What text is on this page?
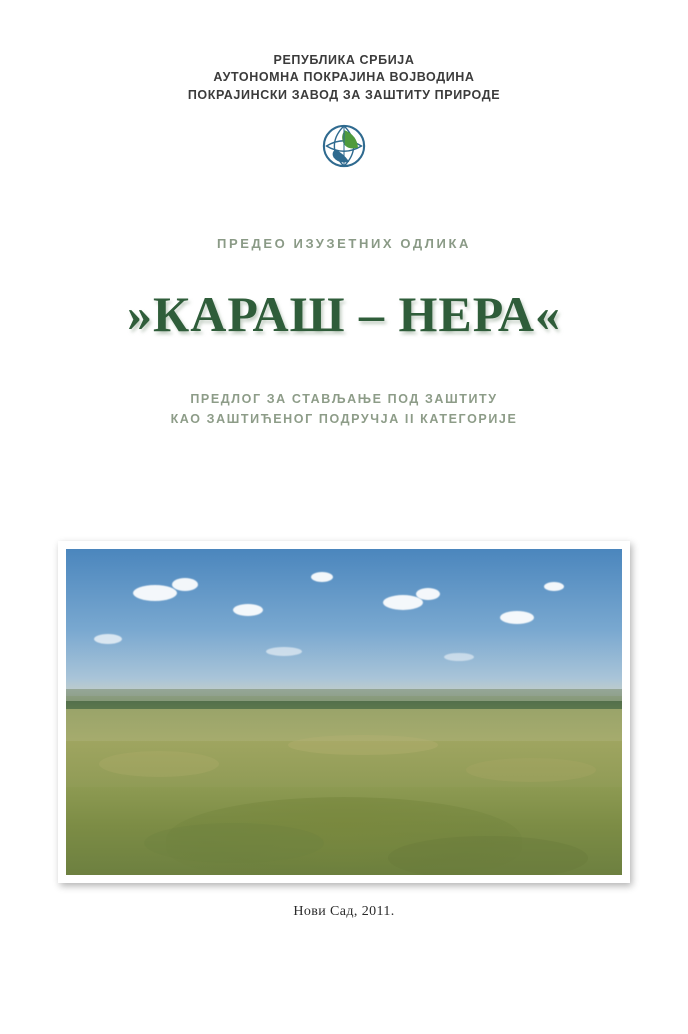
РЕПУБЛИКА СРБИЈА
АУТОНОМНА ПОКРАЈИНА ВОЈВОДИНА
ПОКРАЈИНСКИ ЗАВОД ЗА ЗАШТИТУ ПРИРОДЕ
ПРЕДЕО ИЗУЗЕТНИХ ОДЛИКА
»КАРАШ – НЕРА«
ПРЕДЛОГ ЗА СТАВЉАЊЕ ПОД ЗАШТИТУ
КАО ЗАШТИЋЕНОГ ПОДРУЧЈА II КАТЕГОРИЈЕ
Нови Сад, 2011.
